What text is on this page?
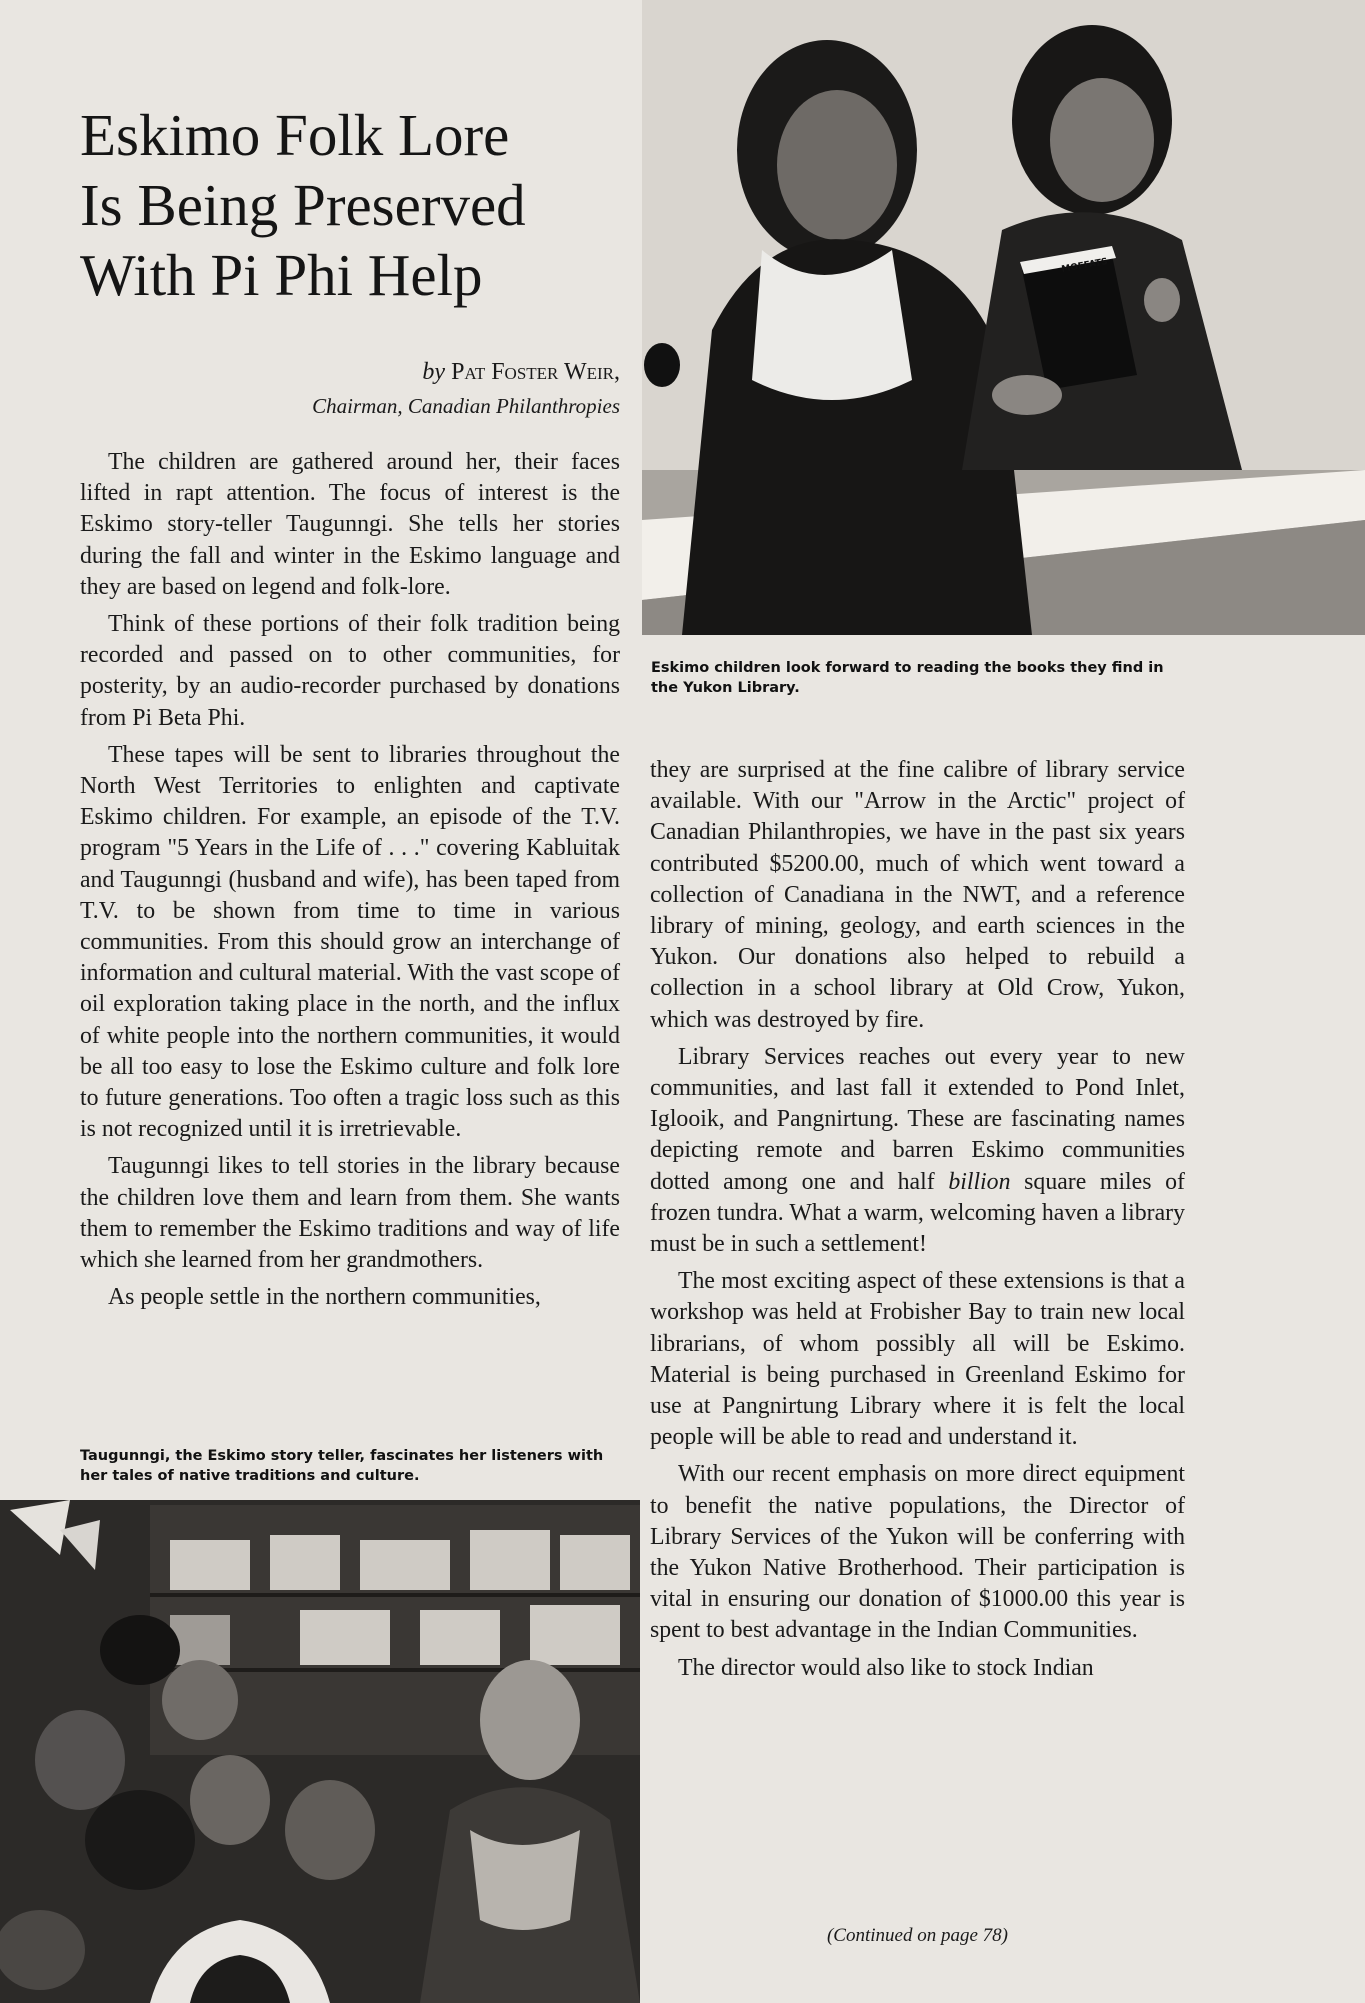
Eskimo Folk Lore
Is Being Preserved
With Pi Phi Help
by Pat Foster Weir,
Chairman, Canadian Philanthropies

The children are gathered around her, their faces lifted in rapt attention. The focus of interest is the Eskimo story-teller Taugunngi. She tells her stories during the fall and winter in the Eskimo language and they are based on legend and folk-lore.

Think of these portions of their folk tradition being recorded and passed on to other communities, for posterity, by an audio-recorder purchased by donations from Pi Beta Phi.

These tapes will be sent to libraries throughout the North West Territories to enlighten and captivate Eskimo children. For example, an episode of the T.V. program "5 Years in the Life of . . ." covering Kabluitak and Taugunngi (husband and wife), has been taped from T.V. to be shown from time to time in various communities. From this should grow an interchange of information and cultural material. With the vast scope of oil exploration taking place in the north, and the influx of white people into the northern communities, it would be all too easy to lose the Eskimo culture and folk lore to future generations. Too often a tragic loss such as this is not recognized until it is irretrievable.

Taugunngi likes to tell stories in the library because the children love them and learn from them. She wants them to remember the Eskimo traditions and way of life which she learned from her grandmothers.

As people settle in the northern communities,

Taugunngi, the Eskimo story teller, fascinates her listeners with her tales of native traditions and culture.
MOFFATS
Eskimo children look forward to reading the books they find in the Yukon Library.

they are surprised at the fine calibre of library service available. With our "Arrow in the Arctic" project of Canadian Philanthropies, we have in the past six years contributed $5200.00, much of which went toward a collection of Canadiana in the NWT, and a reference library of mining, geology, and earth sciences in the Yukon. Our donations also helped to rebuild a collection in a school library at Old Crow, Yukon, which was destroyed by fire.

Library Services reaches out every year to new communities, and last fall it extended to Pond Inlet, Iglooik, and Pangnirtung. These are fascinating names depicting remote and barren Eskimo communities dotted among one and half billion square miles of frozen tundra. What a warm, welcoming haven a library must be in such a settlement!

The most exciting aspect of these extensions is that a workshop was held at Frobisher Bay to train new local librarians, of whom possibly all will be Eskimo. Material is being purchased in Greenland Eskimo for use at Pangnirtung Library where it is felt the local people will be able to read and understand it.

With our recent emphasis on more direct equipment to benefit the native populations, the Director of Library Services of the Yukon will be conferring with the Yukon Native Brotherhood. Their participation is vital in ensuring our donation of $1000.00 this year is spent to best advantage in the Indian Communities.

The director would also like to stock Indian

(Continued on page 78)
